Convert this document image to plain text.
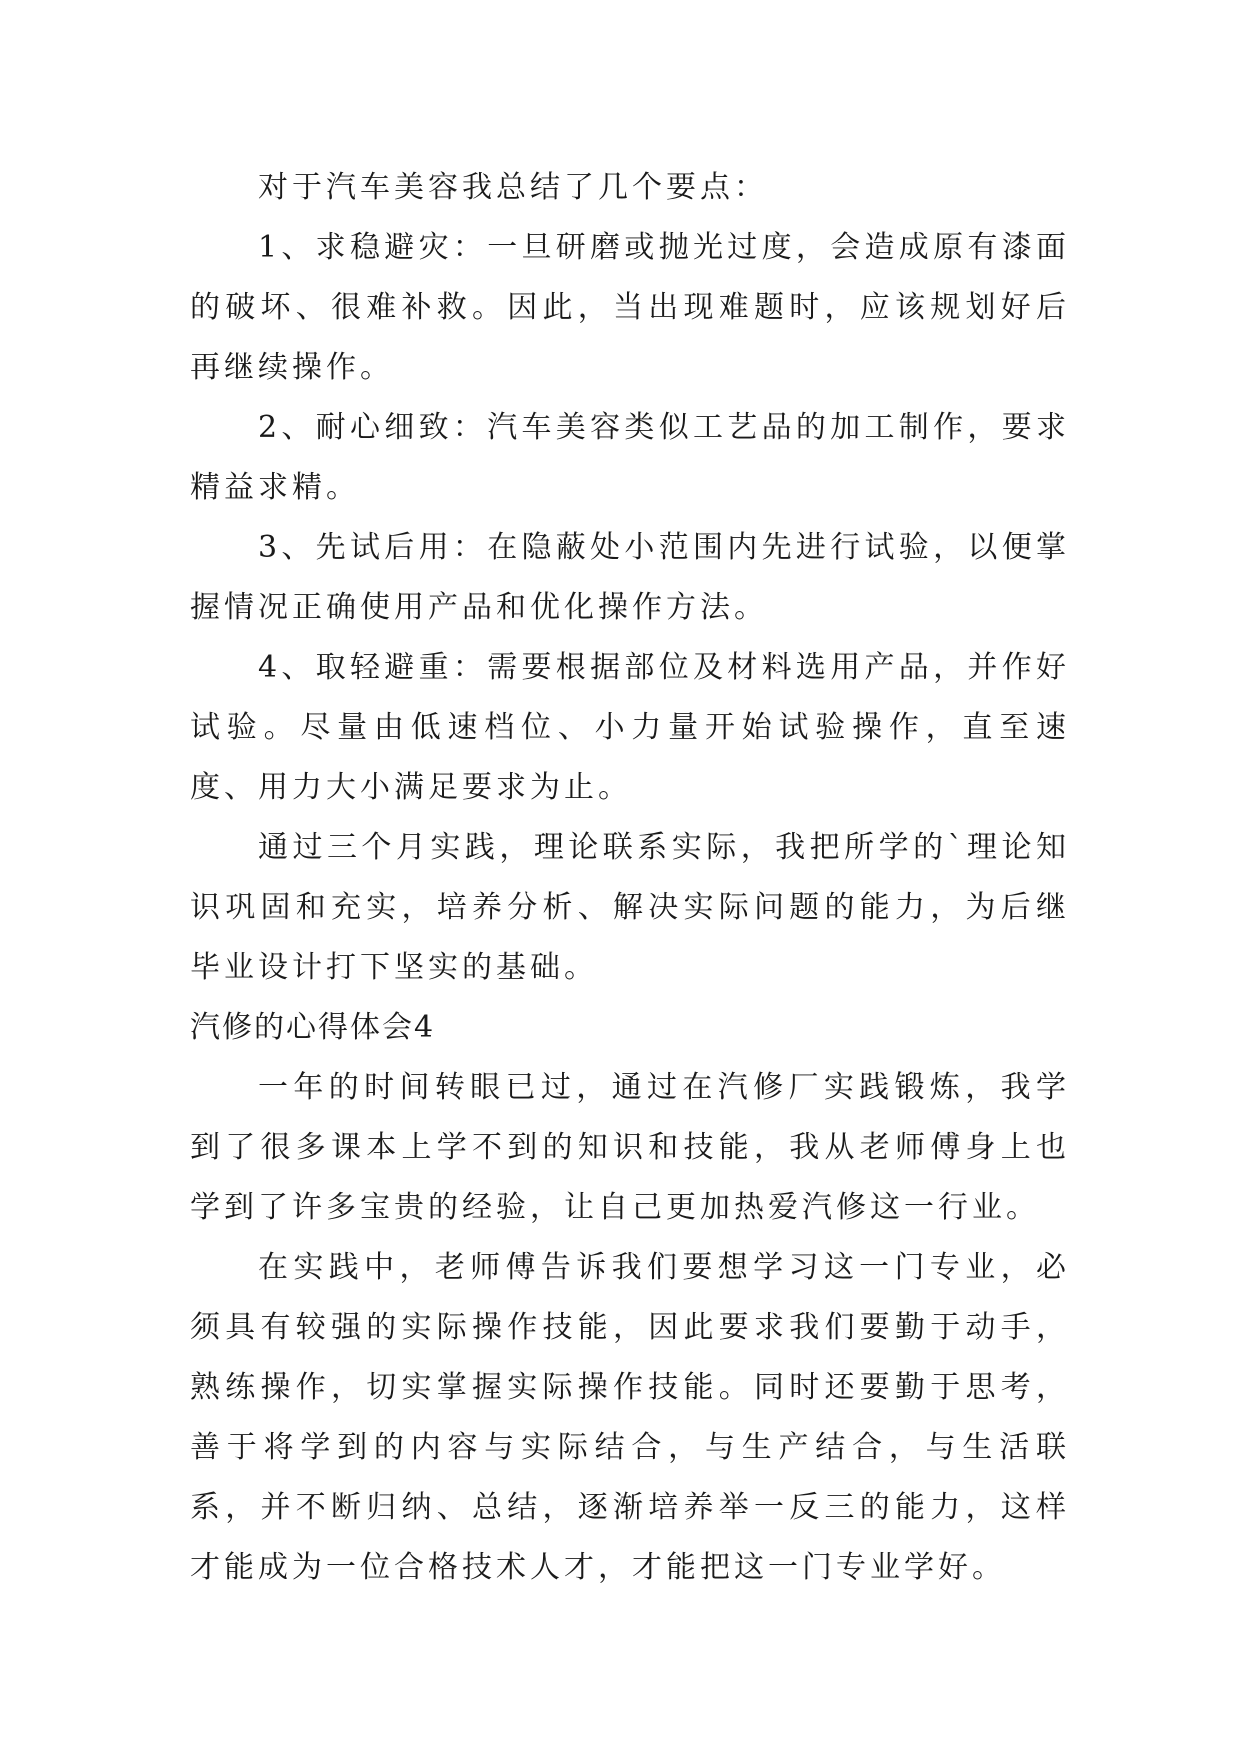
对于汽车美容我总结了几个要点：

1、求稳避灾：一旦研磨或抛光过度，会造成原有漆面的破坏、很难补救。因此，当出现难题时，应该规划好后再继续操作。

2、耐心细致：汽车美容类似工艺品的加工制作，要求精益求精。

3、先试后用：在隐蔽处小范围内先进行试验，以便掌握情况正确使用产品和优化操作方法。

4、取轻避重：需要根据部位及材料选用产品，并作好试验。尽量由低速档位、小力量开始试验操作，直至速度、用力大小满足要求为止。

通过三个月实践，理论联系实际，我把所学的`理论知识巩固和充实，培养分析、解决实际问题的能力，为后继毕业设计打下坚实的基础。

汽修的心得体会4

一年的时间转眼已过，通过在汽修厂实践锻炼，我学到了很多课本上学不到的知识和技能，我从老师傅身上也学到了许多宝贵的经验，让自己更加热爱汽修这一行业。

在实践中，老师傅告诉我们要想学习这一门专业，必须具有较强的实际操作技能，因此要求我们要勤于动手，熟练操作，切实掌握实际操作技能。同时还要勤于思考，善于将学到的内容与实际结合，与生产结合，与生活联系，并不断归纳、总结，逐渐培养举一反三的能力，这样才能成为一位合格技术人才，才能把这一门专业学好。
